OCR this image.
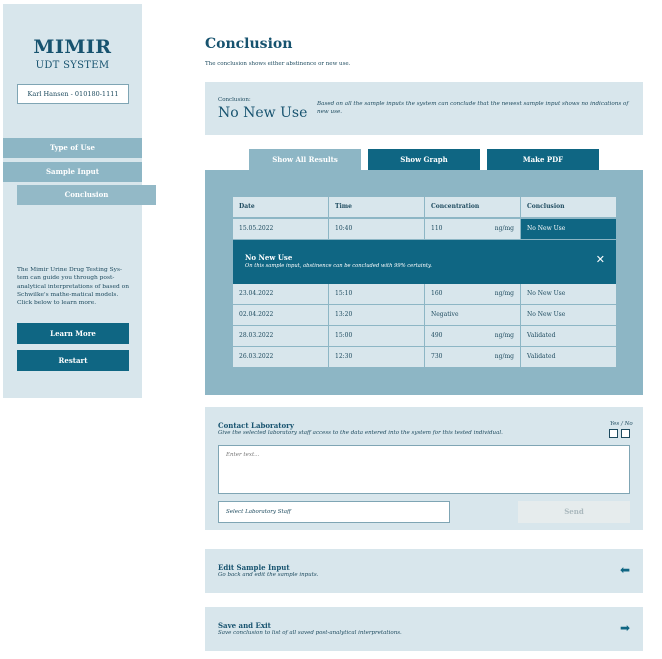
MIMIR
UDT SYSTEM
Karl Hansen - 010180-1111
Type of Use
Sample Input
Conclusion
The Mimir Urine Drug Testing Sys-tem can guide you through post-analytical interpretations of based on Schwilke's mathe-matical models. Click below to learn more.
Learn More
Restart
Conclusion
The conclusion shows either abstinence or new use.
Conclusion:
No New Use
Based on all the sample inputs the system can conclude that the newest sample input shows no indications of new use.
Show All Results	Show Graph	Make PDF
Date	Time	Concentration	Conclusion
15.05.2022	10:40	110	ng/mg	No New Use
No New Use
On this sample input, abstinence can be concluded with 99% certainty.	✕
23.04.2022	15:10	160	ng/mg	No New Use
02.04.2022	13:20	Negative	No New Use
28.03.2022	15:00	490	ng/mg	Validated
26.03.2022	12:30	730	ng/mg	Validated
Contact Laboratory
Give the selected laboratory staff access to the data entered into the system for this tested individual.
Yes / No
Enter text...
Select Laboratory Staff	Send
Edit Sample Input
Go back and edit the sample inputs.	⬅
Save and Exit
Save conclusion to list of all saved post-analytical interpretations.	➡
